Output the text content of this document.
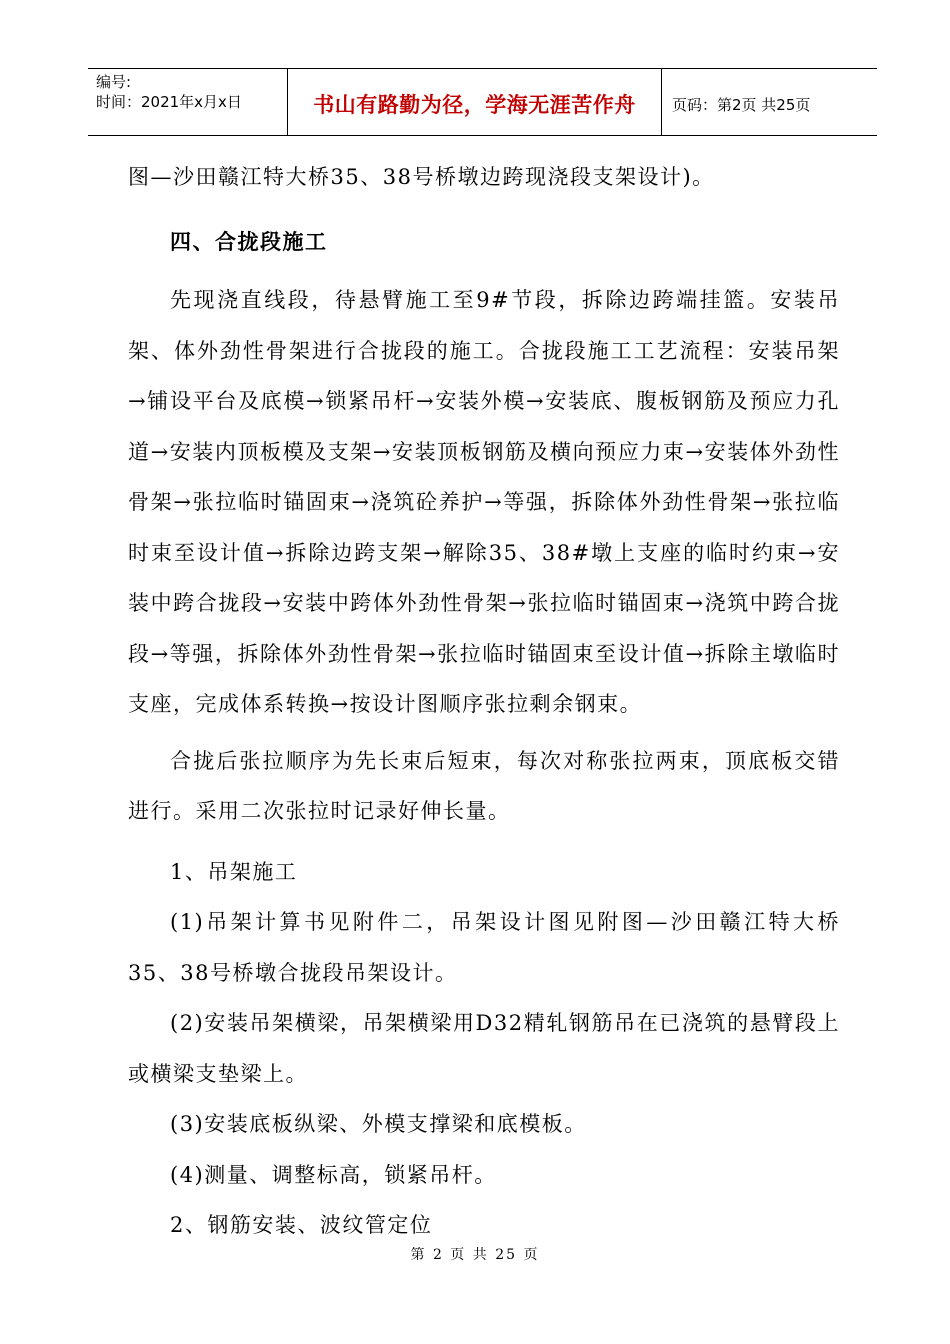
编号:
时间：2021年x月x日	书山有路勤为径，学海无涯苦作舟 页码：第2页 共25页

图—沙田赣江特大桥35、38号桥墩边跨现浇段支架设计)。

四、合拢段施工

先现浇直线段，待悬臂施工至9#节段，拆除边跨端挂篮。安装吊架、体外劲性骨架进行合拢段的施工。合拢段施工工艺流程：安装吊架→铺设平台及底模→锁紧吊杆→安装外模→安装底、腹板钢筋及预应力孔道→安装内顶板模及支架→安装顶板钢筋及横向预应力束→安装体外劲性骨架→张拉临时锚固束→浇筑砼养护→等强，拆除体外劲性骨架→张拉临时束至设计值→拆除边跨支架→解除35、38#墩上支座的临时约束→安装中跨合拢段→安装中跨体外劲性骨架→张拉临时锚固束→浇筑中跨合拢段→等强，拆除体外劲性骨架→张拉临时锚固束至设计值→拆除主墩临时支座，完成体系转换→按设计图顺序张拉剩余钢束。

合拢后张拉顺序为先长束后短束，每次对称张拉两束，顶底板交错进行。采用二次张拉时记录好伸长量。

1、吊架施工

(1)吊架计算书见附件二，吊架设计图见附图—沙田赣江特大桥35、38号桥墩合拢段吊架设计。

(2)安装吊架横梁，吊架横梁用D32精轧钢筋吊在已浇筑的悬臂段上或横梁支垫梁上。

(3)安装底板纵梁、外模支撑梁和底模板。

(4)测量、调整标高，锁紧吊杆。

2、钢筋安装、波纹管定位

第 2 页 共 25 页
